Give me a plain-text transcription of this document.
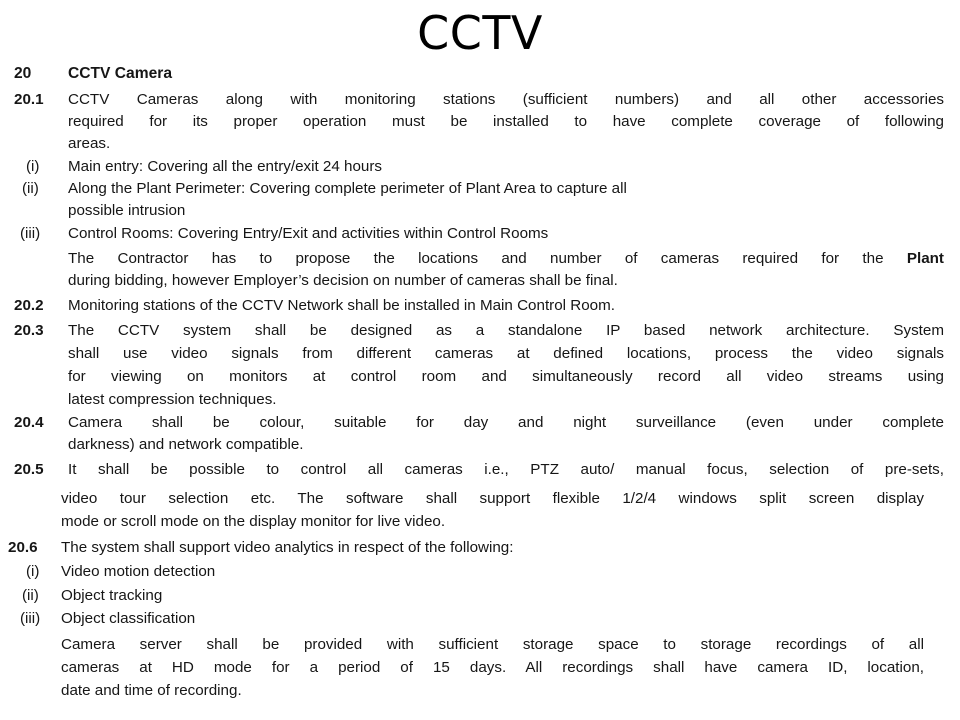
CCTV
20 CCTV Camera
20.1 CCTV Cameras along with monitoring stations (sufficient numbers) and all other accessories
required for its proper operation must be installed to have complete coverage of following
areas.
(i) Main entry: Covering all the entry/exit 24 hours
(ii) Along the Plant Perimeter: Covering complete perimeter of Plant Area to capture all
possible intrusion
(iii) Control Rooms: Covering Entry/Exit and activities within Control Rooms
The Contractor has to propose the locations and number of cameras required for the Plant
during bidding, however Employer’s decision on number of cameras shall be final.
20.2 Monitoring stations of the CCTV Network shall be installed in Main Control Room.
20.3 The CCTV system shall be designed as a standalone IP based network architecture. System
shall use video signals from different cameras at defined locations, process the video signals
for viewing on monitors at control room and simultaneously record all video streams using
latest compression techniques.
20.4 Camera shall be colour, suitable for day and night surveillance (even under complete
darkness) and network compatible.
20.5 It shall be possible to control all cameras i.e., PTZ auto/ manual focus, selection of pre-sets,
video tour selection etc. The software shall support flexible 1/2/4 windows split screen display
mode or scroll mode on the display monitor for live video.
20.6 The system shall support video analytics in respect of the following:
(i) Video motion detection
(ii) Object tracking
(iii) Object classification
Camera server shall be provided with sufficient storage space to storage recordings of all
cameras at HD mode for a period of 15 days. All recordings shall have camera ID, location,
date and time of recording.
